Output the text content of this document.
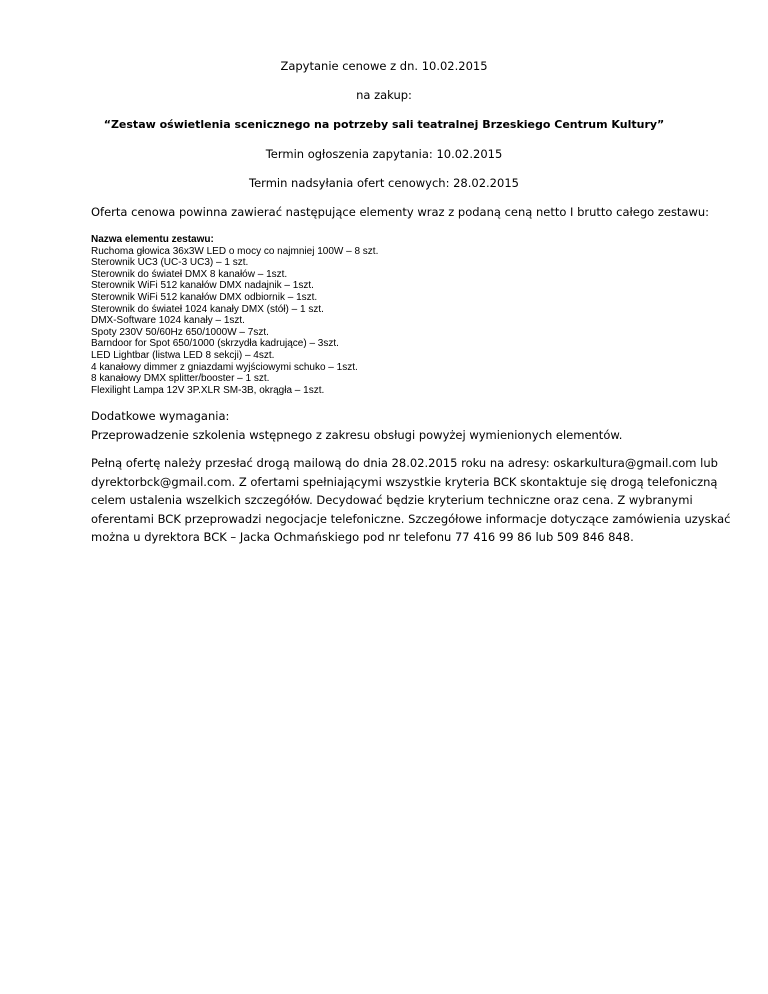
Zapytanie cenowe z dn. 10.02.2015
na zakup:
“Zestaw oświetlenia scenicznego na potrzeby sali teatralnej Brzeskiego Centrum Kultury”
Termin ogłoszenia zapytania: 10.02.2015
Termin nadsyłania ofert cenowych: 28.02.2015
Oferta cenowa powinna zawierać następujące elementy wraz z podaną ceną netto I brutto całego zestawu:
Nazwa elementu zestawu:
Ruchoma głowica 36x3W LED o mocy co najmniej 100W – 8 szt.
Sterownik UC3 (UC-3 UC3) – 1 szt.
Sterownik do świateł DMX 8 kanałów – 1szt.
Sterownik WiFi 512 kanałów DMX nadajnik – 1szt.
Sterownik WiFi 512 kanałów DMX odbiornik – 1szt.
Sterownik do świateł 1024 kanały DMX (stół) – 1 szt.
DMX-Software 1024 kanały – 1szt.
Spoty 230V 50/60Hz 650/1000W – 7szt.
Barndoor for Spot 650/1000 (skrzydła kadrujące) – 3szt.
LED Lightbar (listwa LED 8 sekcji) – 4szt.
4 kanałowy dimmer z gniazdami wyjściowymi schuko – 1szt.
8 kanałowy DMX splitter/booster – 1 szt.
Flexilight Lampa 12V 3P.XLR SM-3B, okrągła – 1szt.
Dodatkowe wymagania:
Przeprowadzenie szkolenia wstępnego z zakresu obsługi powyżej wymienionych elementów.
Pełną ofertę należy przesłać drogą mailową do dnia 28.02.2015 roku na adresy: oskarkultura@gmail.com lub
dyrektorbck@gmail.com. Z ofertami spełniającymi wszystkie kryteria BCK skontaktuje się drogą telefoniczną
celem ustalenia wszelkich szczegółów. Decydować będzie kryterium techniczne oraz cena. Z wybranymi
oferentami BCK przeprowadzi negocjacje telefoniczne. Szczegółowe informacje dotyczące zamówienia uzyskać
można u dyrektora BCK – Jacka Ochmańskiego pod nr telefonu 77 416 99 86 lub 509 846 848.
